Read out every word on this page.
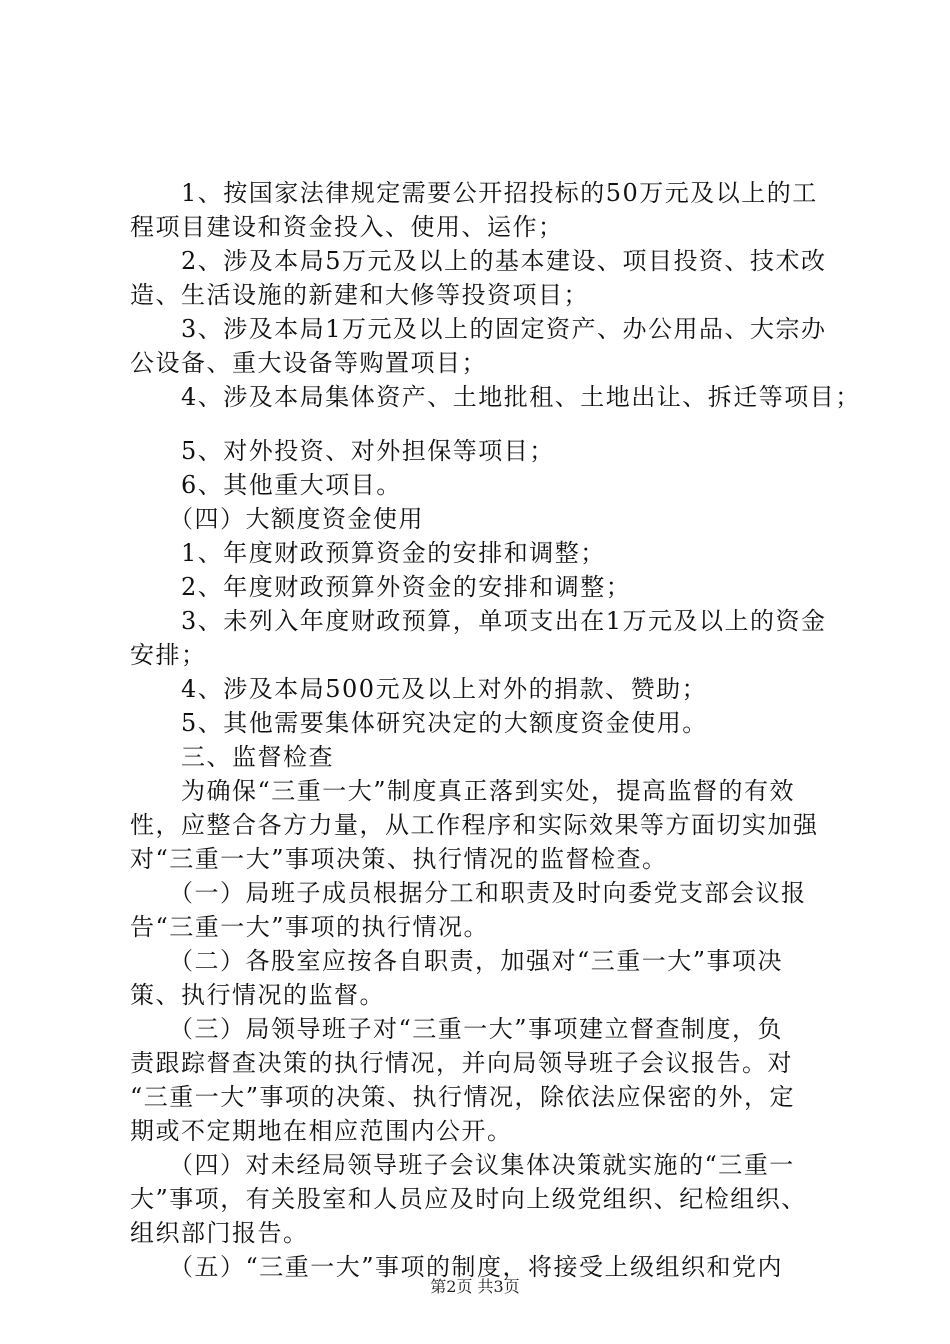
　　1、按国家法律规定需要公开招投标的50万元及以上的工
程项目建设和资金投入、使用、运作；
　　2、涉及本局5万元及以上的基本建设、项目投资、技术改
造、生活设施的新建和大修等投资项目；
　　3、涉及本局1万元及以上的固定资产、办公用品、大宗办
公设备、重大设备等购置项目；
　　4、涉及本局集体资产、土地批租、土地出让、拆迁等项目；
　　5、对外投资、对外担保等项目；
　　6、其他重大项目。
　　（四）大额度资金使用
　　1、年度财政预算资金的安排和调整；
　　2、年度财政预算外资金的安排和调整；
　　3、未列入年度财政预算，单项支出在1万元及以上的资金
安排；
　　4、涉及本局500元及以上对外的捐款、赞助；
　　5、其他需要集体研究决定的大额度资金使用。
　　三、监督检查
　　为确保“三重一大”制度真正落到实处，提高监督的有效
性，应整合各方力量，从工作程序和实际效果等方面切实加强
对“三重一大”事项决策、执行情况的监督检查。
　　（一）局班子成员根据分工和职责及时向委党支部会议报
告“三重一大”事项的执行情况。
　　（二）各股室应按各自职责，加强对“三重一大”事项决
策、执行情况的监督。
　　（三）局领导班子对“三重一大”事项建立督查制度，负
责跟踪督查决策的执行情况，并向局领导班子会议报告。对
“三重一大”事项的决策、执行情况，除依法应保密的外，定
期或不定期地在相应范围内公开。
　　（四）对未经局领导班子会议集体决策就实施的“三重一
大”事项，有关股室和人员应及时向上级党组织、纪检组织、
组织部门报告。
　　（五）“三重一大”事项的制度，将接受上级组织和党内
第2页 共3页
